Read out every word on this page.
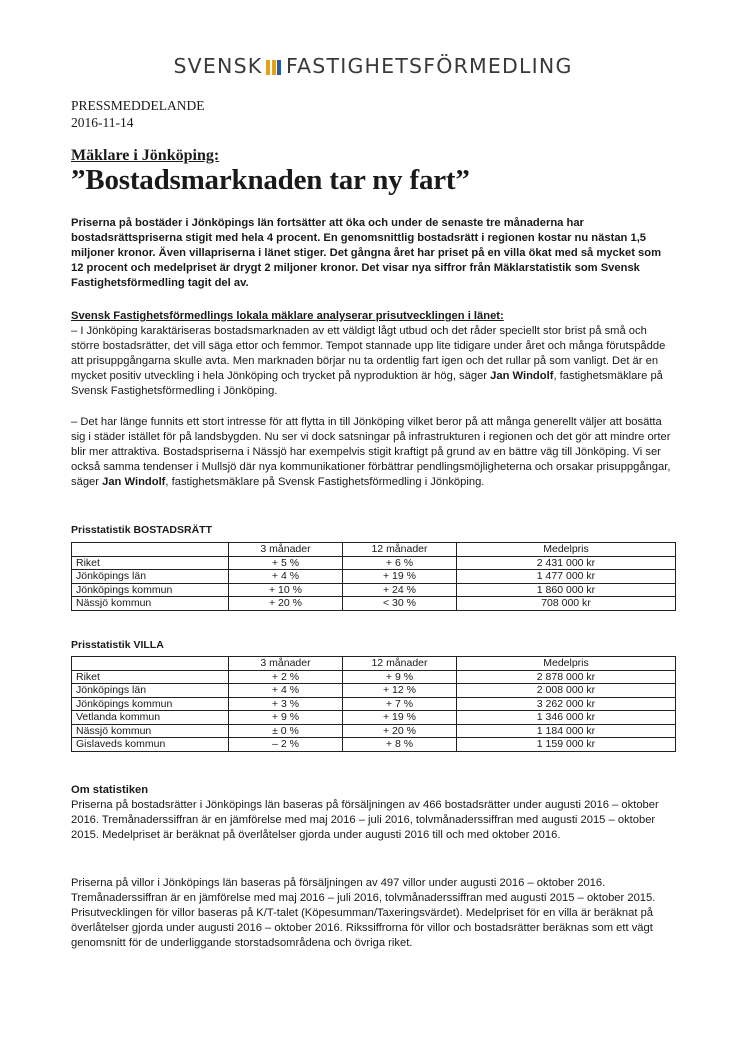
SVENSK FASTIGHETSFÖRMEDLING
PRESSMEDDELANDE
2016-11-14
Mäklare i Jönköping:
”Bostadsmarknaden tar ny fart”

Priserna på bostäder i Jönköpings län fortsätter att öka och under de senaste tre månaderna har bostadsrättspriserna stigit med hela 4 procent. En genomsnittlig bostadsrätt i regionen kostar nu nästan 1,5 miljoner kronor. Även villapriserna i länet stiger. Det gångna året har priset på en villa ökat med så mycket som 12 procent och medelpriset är drygt 2 miljoner kronor. Det visar nya siffror från Mäklarstatistik som Svensk Fastighetsförmedling tagit del av.

Svensk Fastighetsförmedlings lokala mäklare analyserar prisutvecklingen i länet:

– I Jönköping karaktäriseras bostadsmarknaden av ett väldigt lågt utbud och det råder speciellt stor brist på små och större bostadsrätter, det vill säga ettor och femmor. Tempot stannade upp lite tidigare under året och många förutspådde att prisuppgångarna skulle avta. Men marknaden börjar nu ta ordentlig fart igen och det rullar på som vanligt. Det är en mycket positiv utveckling i hela Jönköping och trycket på nyproduktion är hög, säger Jan Windolf, fastighetsmäklare på Svensk Fastighetsförmedling i Jönköping.

– Det har länge funnits ett stort intresse för att flytta in till Jönköping vilket beror på att många generellt väljer att bosätta sig i städer istället för på landsbygden. Nu ser vi dock satsningar på infrastrukturen i regionen och det gör att mindre orter blir mer attraktiva. Bostadspriserna i Nässjö har exempelvis stigit kraftigt på grund av en bättre väg till Jönköping. Vi ser också samma tendenser i Mullsjö där nya kommunikationer förbättrar pendlingsmöjligheterna och orsakar prisuppgångar, säger Jan Windolf, fastighetsmäklare på Svensk Fastighetsförmedling i Jönköping.

Prisstatistik BOSTADSRÄTT
	3 månader	12 månader	Medelpris
Riket	+ 5 %	+ 6 %	2 431 000 kr
Jönköpings län	+ 4 %	+ 19 %	1 477 000 kr
Jönköpings kommun	+ 10 %	+ 24 %	1 860 000 kr
Nässjö kommun	+ 20 %	< 30 %	708 000 kr
Prisstatistik VILLA
	3 månader	12 månader	Medelpris
Riket	+ 2 %	+ 9 %	2 878 000 kr
Jönköpings län	+ 4 %	+ 12 %	2 008 000 kr
Jönköpings kommun	+ 3 %	+ 7 %	3 262 000 kr
Vetlanda kommun	+ 9 %	+ 19 %	1 346 000 kr
Nässjö kommun	± 0 %	+ 20 %	1 184 000 kr
Gislaveds kommun	– 2 %	+ 8 %	1 159 000 kr

Om statistiken

Priserna på bostadsrätter i Jönköpings län baseras på försäljningen av 466 bostadsrätter under augusti 2016 – oktober 2016. Tremånaderssiffran är en jämförelse med maj 2016 – juli 2016, tolvmånaderssiffran med augusti 2015 – oktober 2015. Medelpriset är beräknat på överlåtelser gjorda under augusti 2016 till och med oktober 2016.

Priserna på villor i Jönköpings län baseras på försäljningen av 497 villor under augusti 2016 – oktober 2016. Tremånaderssiffran är en jämförelse med maj 2016 – juli 2016, tolvmånaderssiffran med augusti 2015 – oktober 2015. Prisutvecklingen för villor baseras på K/T-talet (Köpesumman/Taxeringsvärdet). Medelpriset för en villa är beräknat på överlåtelser gjorda under augusti 2016 – oktober 2016. Rikssiffrorna för villor och bostadsrätter beräknas som ett vägt genomsnitt för de underliggande storstadsområdena och övriga riket.
